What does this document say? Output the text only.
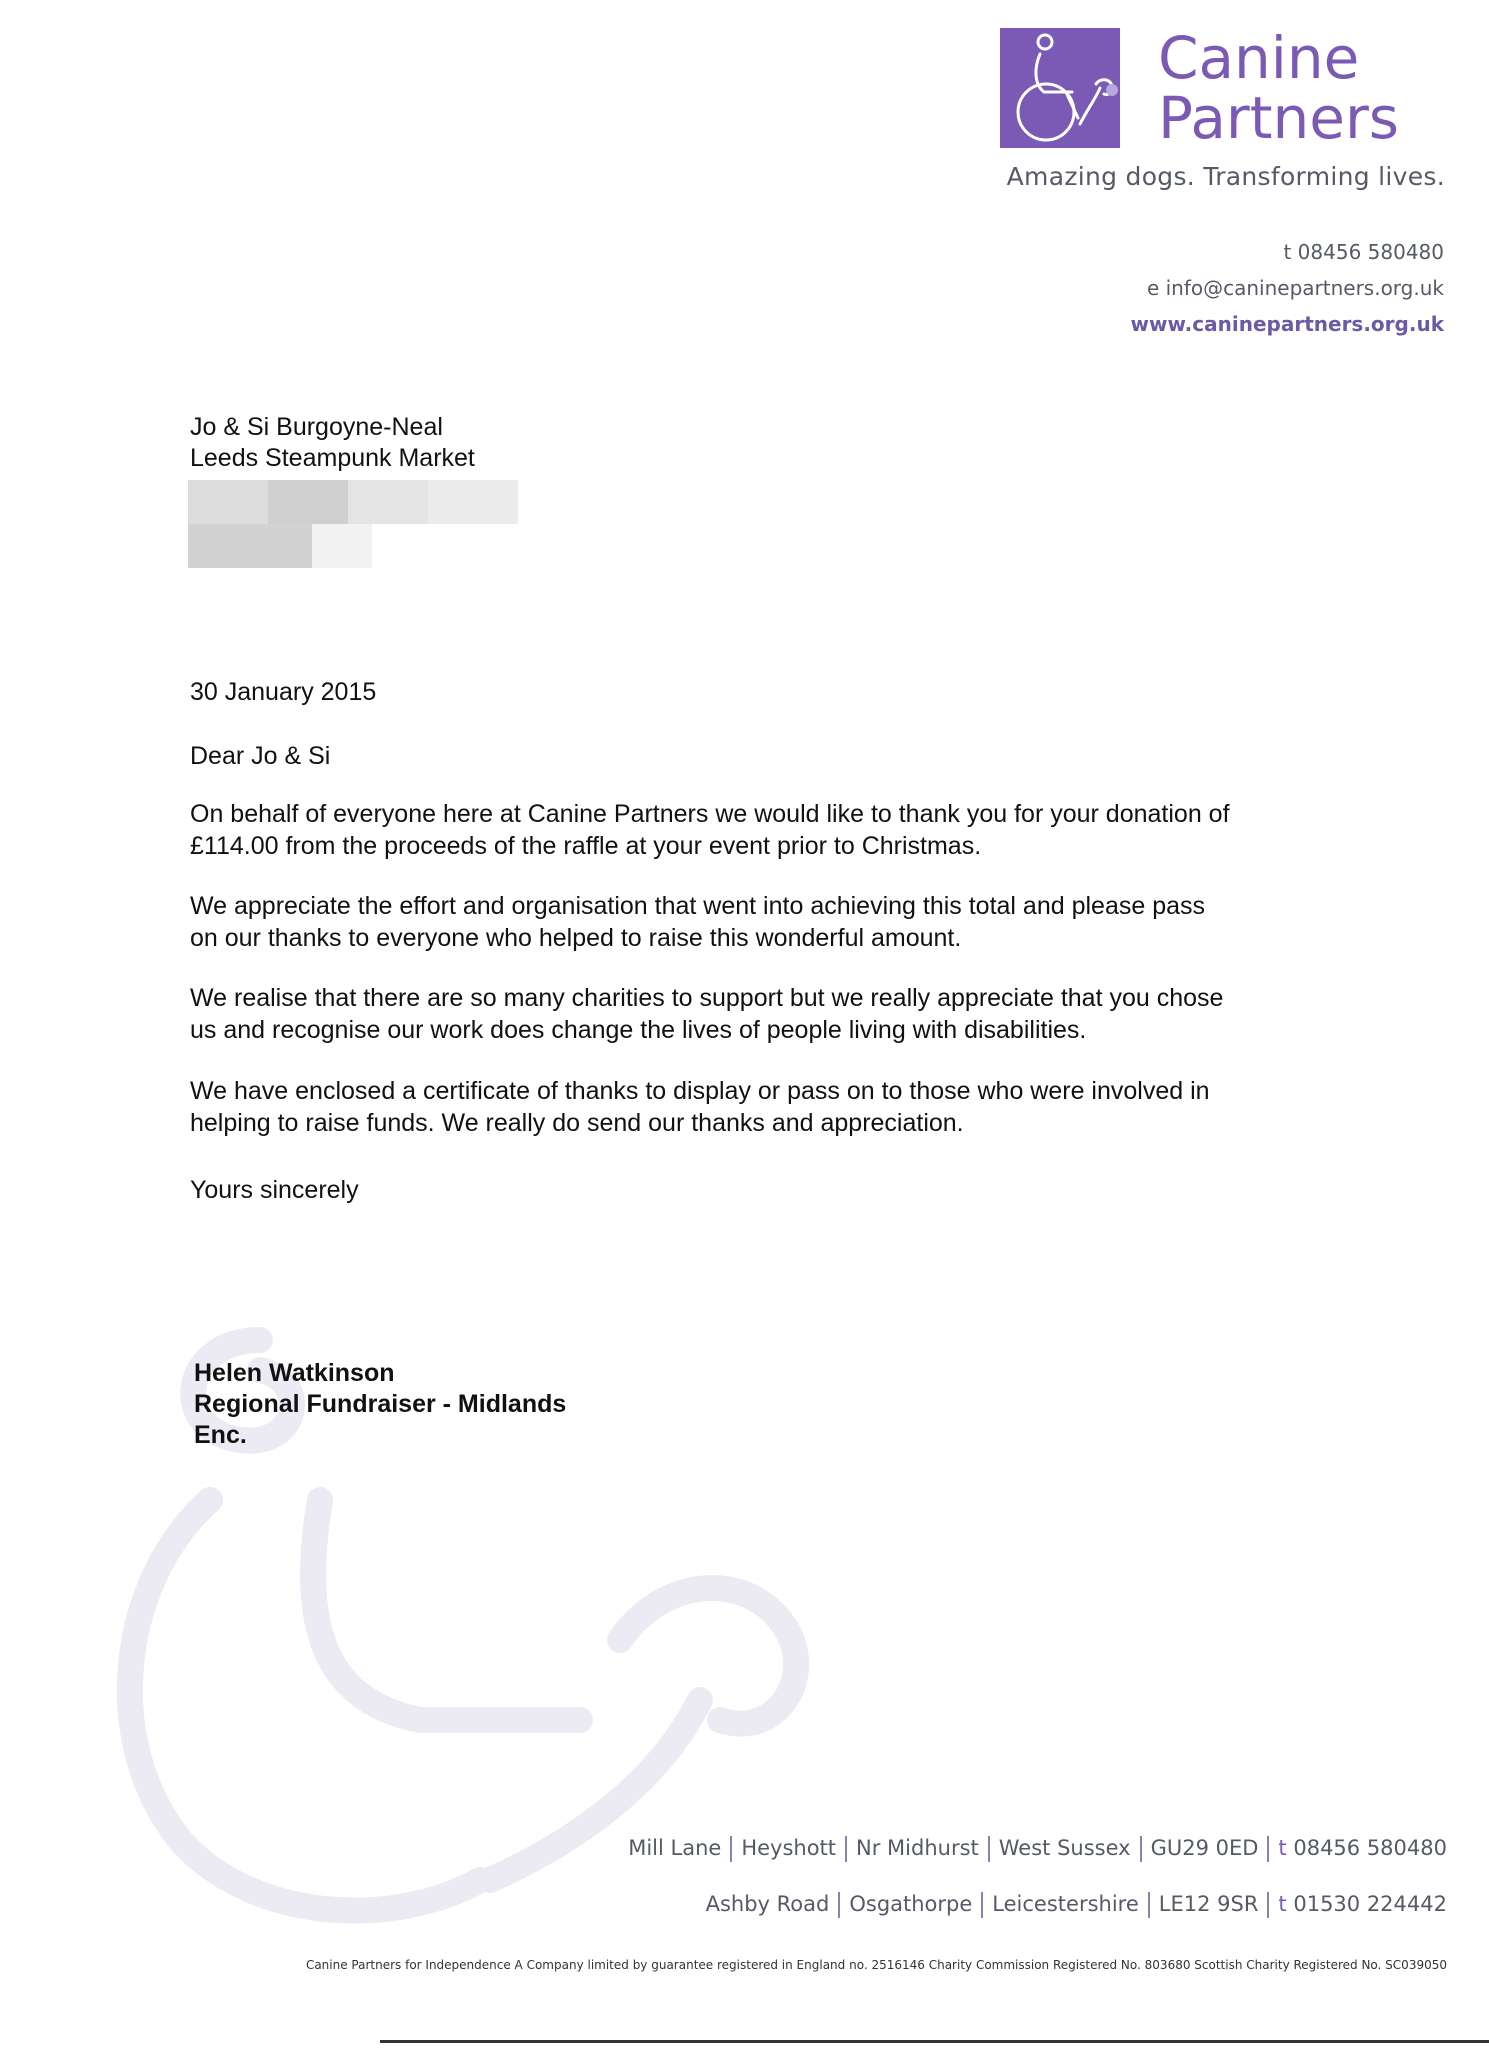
Canine
Partners
Amazing dogs. Transforming lives.
t 08456 580480
e info@caninepartners.org.uk
www.caninepartners.org.uk
Jo & Si Burgoyne-Neal
Leeds Steampunk Market
30 January 2015
Dear Jo & Si

On behalf of everyone here at Canine Partners we would like to thank you for your donation of

£114.00 from the proceeds of the raffle at your event prior to Christmas.

We appreciate the effort and organisation that went into achieving this total and please pass

on our thanks to everyone who helped to raise this wonderful amount.

We realise that there are so many charities to support but we really appreciate that you chose

us and recognise our work does change the lives of people living with disabilities.

We have enclosed a certificate of thanks to display or pass on to those who were involved in

helping to raise funds. We really do send our thanks and appreciation.

Yours sincerely
Helen Watkinson
Regional Fundraiser - Midlands
Enc.
Mill Lane Heyshott Nr Midhurst West Sussex GU29 0ED t 08456 580480
Ashby Road Osgathorpe Leicestershire LE12 9SR t 01530 224442
Canine Partners for Independence A Company limited by guarantee registered in England no. 2516146 Charity Commission Registered No. 803680 Scottish Charity Registered No. SC039050
